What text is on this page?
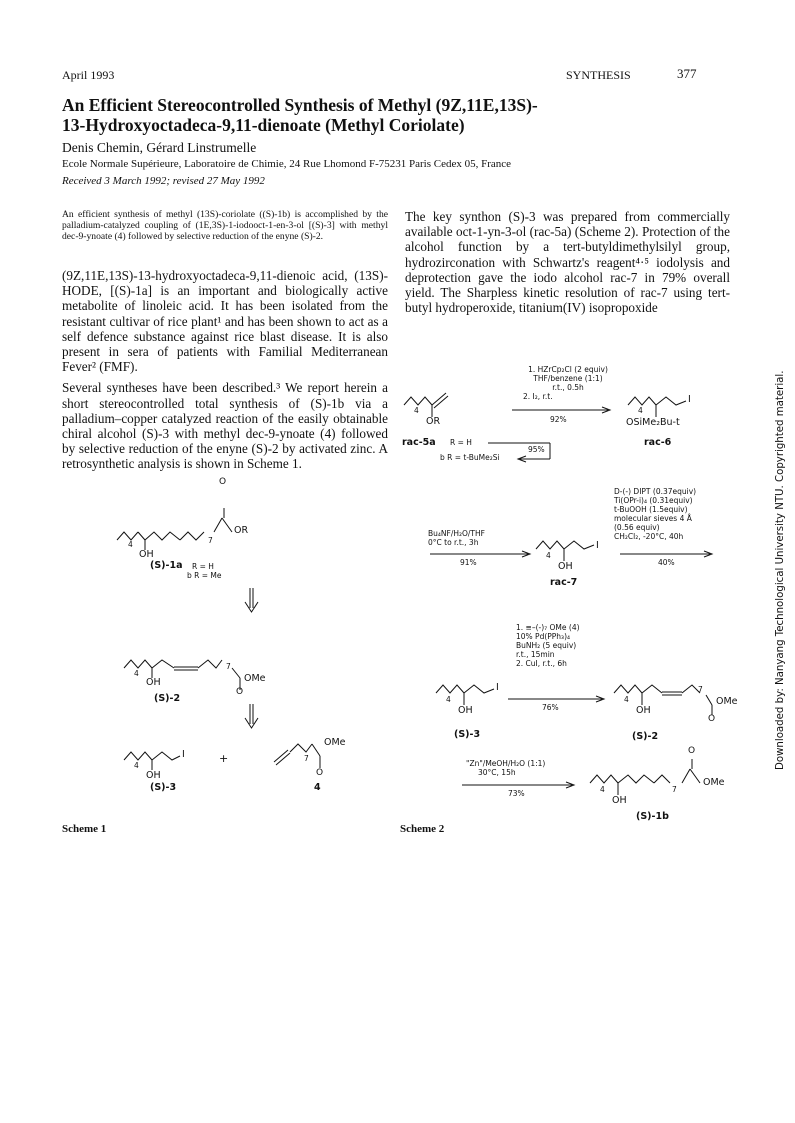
April 1993	SYNTHESIS	377
An Efficient Stereocontrolled Synthesis of Methyl (9Z,11E,13S)-
13-Hydroxyoctadeca-9,11-dienoate (Methyl Coriolate)
Denis Chemin, Gérard Linstrumelle
Ecole Normale Supérieure, Laboratoire de Chimie, 24 Rue Lhomond F-75231 Paris Cedex 05, France
Received 3 March 1992; revised 27 May 1992
An efficient synthesis of methyl (13S)-coriolate ((S)-1b) is accomplished by the palladium-catalyzed coupling of (1E,3S)-1-iodooct-1-en-3-ol [(S)-3] with methyl dec-9-ynoate (4) followed by selective reduction of the enyne (S)-2.

(9Z,11E,13S)-13-hydroxyoctadeca-9,11-dienoic acid, (13S)-HODE, [(S)-1a] is an important and biologically active metabolite of linoleic acid. It has been isolated from the resistant cultivar of rice plant¹ and has been shown to act as a self defence substance against rice blast disease. It is also present in sera of patients with Familial Mediterranean Fever² (FMF).

Several syntheses have been described.³ We report herein a short stereocontrolled total synthesis of (S)-1b via a palladium–copper catalyzed reaction of the easily obtainable chiral alcohol (S)-3 with methyl dec-9-ynoate (4) followed by selective reduction of the enyne (S)-2 by activated zinc. A retrosynthetic analysis is shown in Scheme 1.

The key synthon (S)-3 was prepared from commercially available oct-1-yn-3-ol (rac-5a) (Scheme 2). Protection of the alcohol function by a tert-butyldimethylsilyl group, hydrozirconation with Schwartz's reagent⁴·⁵ iodolysis and deprotection gave the iodo alcohol rac-7 in 79% overall yield. The Sharpless kinetic resolution of rac-7 using tert-butyl hydroperoxide, titanium(IV) isopropoxide

O
7
4
OR
OH
(S)-1a R = H
b R = Me
4
7
OH	OMe
O
(S)-2
4
I
OH
+
OMe
7
O
(S)-3	4
Scheme 1
1. HZrCp₂Cl (2 equiv)
THF/benzene (1:1)
r.t., 0.5h
2. I₂, r.t.
92%
OR
4
rac-5a R = H
b R = t-BuMe₂Si
95%
I
4
OSiMe₂Bu-t
rac-6
Bu₄NF/H₂O/THF
0°C to r.t., 3h
91%
I
4
OH
rac-7
D-(-) DIPT (0.37equiv)
Ti(OPr-i)₄ (0.31equiv)
t-BuOOH (1.5equiv)
molecular sieves 4 Å
(0.56 equiv)
CH₂Cl₂, -20°C, 40h
40%
1. ≡–(-)₇ OMe (4)
10% Pd(PPh₃)₄
BuNH₂ (5 equiv)
r.t., 15min
2. CuI, r.t., 6h
76%
I
4
OH
(S)-3
4
7
OH
OMe
O
(S)-2
"Zn"/MeOH/H₂O (1:1)
30°C, 15h
73%
O
4	7
OMe
OH
(S)-1b
Scheme 2
Downloaded by: Nanyang Technological University NTU. Copyrighted material.
